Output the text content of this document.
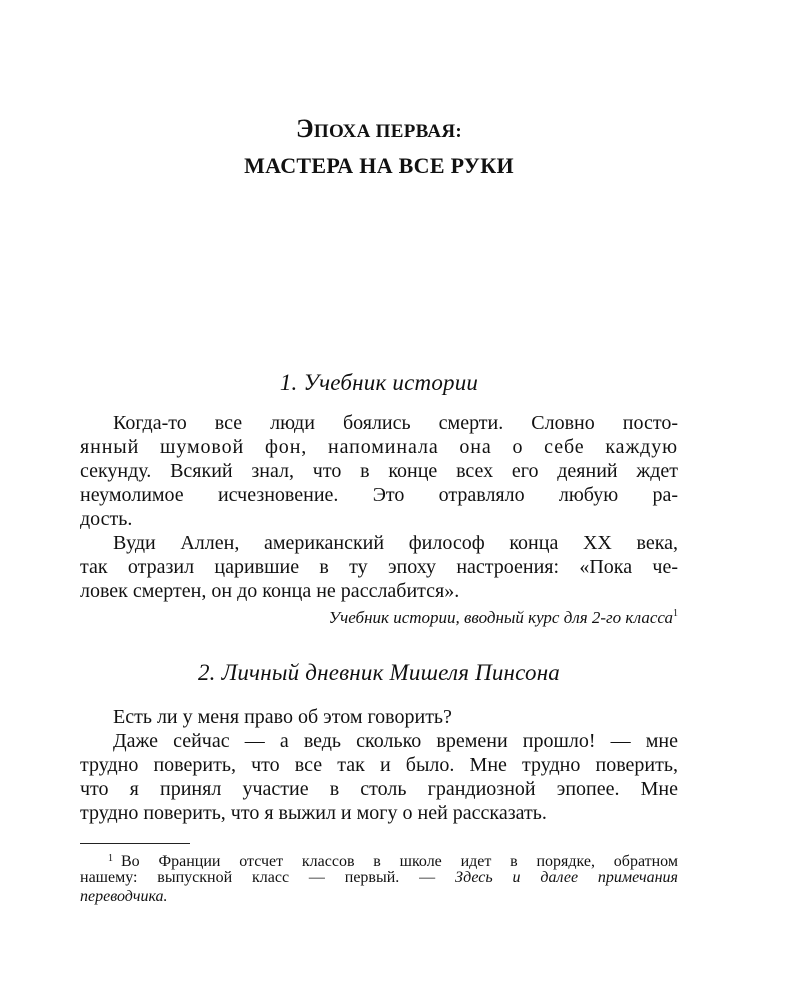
ЭПОХА ПЕРВАЯ:
МАСТЕРА НА ВСЕ РУКИ
1. Учебник истории
Когда-то все люди боялись смерти. Словно посто-
янный шумовой фон, напоминала она о себе каждую
секунду. Всякий знал, что в конце всех его деяний ждет
неумолимое исчезновение. Это отравляло любую ра-
дость.
Вуди Аллен, американский философ конца XX века,
так отразил царившие в ту эпоху настроения: «Пока че-
ловек смертен, он до конца не расслабится».
Учебник истории, вводный курс для 2-го класса$^1$
2. Личный дневник Мишеля Пинсона
Есть ли у меня право об этом говорить?
Даже сейчас — а ведь сколько времени прошло! — мне
трудно поверить, что все так и было. Мне трудно поверить,
что я принял участие в столь грандиозной эпопее. Мне
трудно поверить, что я выжил и могу о ней рассказать.
$^1$ Во Франции отсчет классов в школе идет в порядке, обратном
нашему: выпускной класс — первый. — Здесь и далее примечания
переводчика.
